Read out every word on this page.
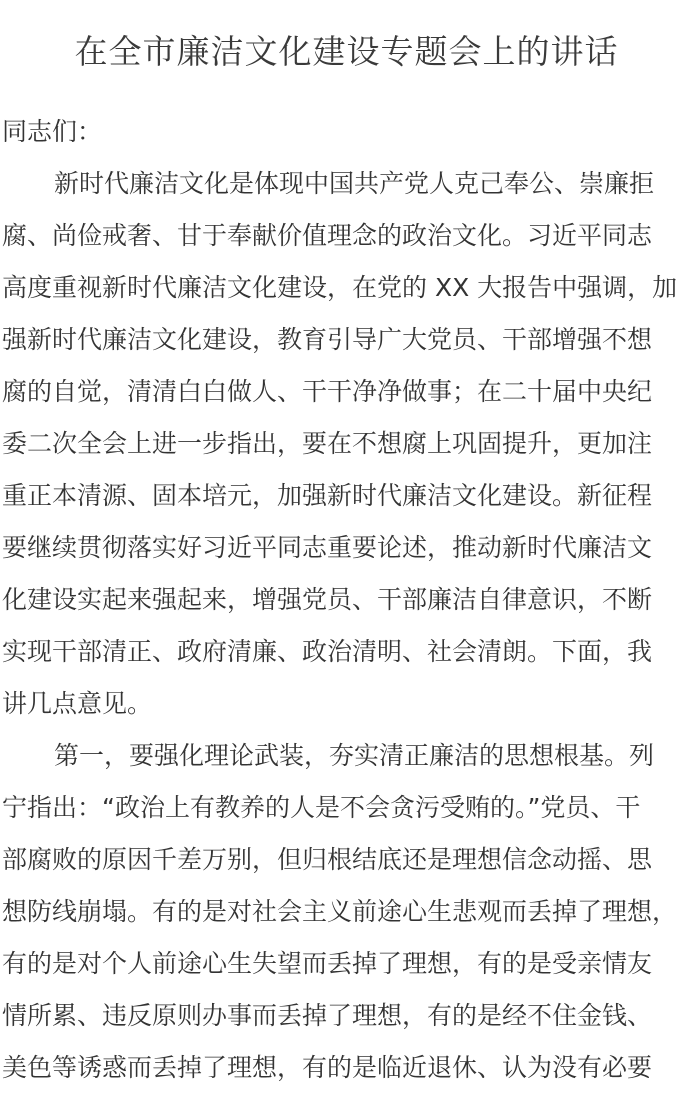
在全市廉洁文化建设专题会上的讲话
同志们：
新时代廉洁文化是体现中国共产党人克己奉公、崇廉拒
腐、尚俭戒奢、甘于奉献价值理念的政治文化。习近平同志
高度重视新时代廉洁文化建设，在党的 XX 大报告中强调，加
强新时代廉洁文化建设，教育引导广大党员、干部增强不想
腐的自觉，清清白白做人、干干净净做事；在二十届中央纪
委二次全会上进一步指出，要在不想腐上巩固提升，更加注
重正本清源、固本培元，加强新时代廉洁文化建设。新征程
要继续贯彻落实好习近平同志重要论述，推动新时代廉洁文
化建设实起来强起来，增强党员、干部廉洁自律意识，不断
实现干部清正、政府清廉、政治清明、社会清朗。下面，我
讲几点意见。
第一，要强化理论武装，夯实清正廉洁的思想根基。列
宁指出：“政治上有教养的人是不会贪污受贿的。”党员、干
部腐败的原因千差万别，但归根结底还是理想信念动摇、思
想防线崩塌。有的是对社会主义前途心生悲观而丢掉了理想，
有的是对个人前途心生失望而丢掉了理想，有的是受亲情友
情所累、违反原则办事而丢掉了理想，有的是经不住金钱、
美色等诱惑而丢掉了理想，有的是临近退休、认为没有必要
